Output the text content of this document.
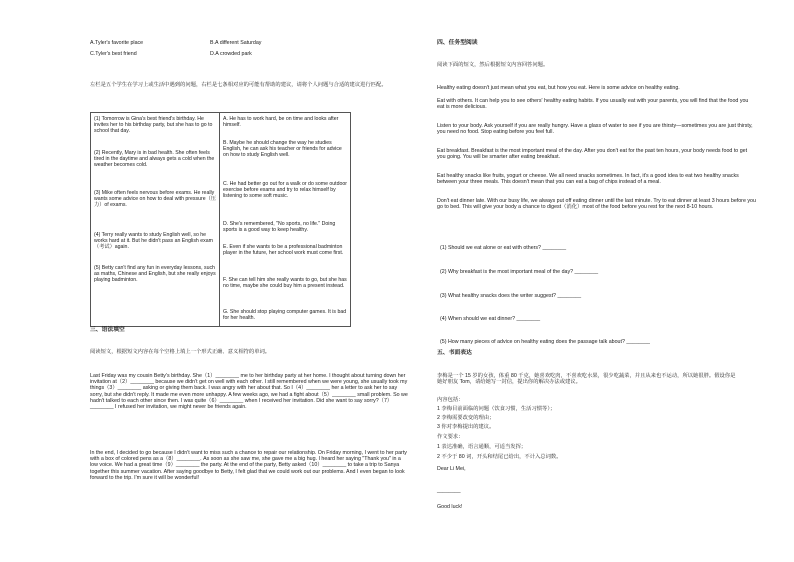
A.Tyler's favorite place	B.A different Saturday
C.Tyler's best friend	D.A crowded park
左栏是五个学生在学习上或生活中遇到的问题，右栏是七条相对应的可能有帮助的建议，请将个人问题与合适的建议进行匹配。
(1) Tomorrow is Gina's best friend's birthday. He invites her to his birthday party, but she has to go to school that day.
(2) Recently, Mary is in bad health. She often feels tired in the daytime and always gets a cold when the weather becomes cold.
(3) Mike often feels nervous before exams. He really wants some advice on how to deal with pressure（压力）of exams.
(4) Terry really wants to study English well, so he works hard at it. But he didn't pass an English exam（考试）again.
(5) Betty can't find any fun in everyday lessons, such as maths, Chinese and English, but she really enjoys playing badminton.
A. He has to work hard, be on time and looks after himself.
B. Maybe he should change the way he studies English, he can ask his teacher or friends for advice on how to study English well.
C. He had better go out for a walk or do some outdoor exercise before exams and try to relax himself by listening to some soft music.
D. She's remembered, "No sports, no life." Doing sports is a good way to keep healthy.
E. Even if she wants to be a professional badminton player in the future, her school work must come first.
F. She can tell him she really wants to go, but she has no time, maybe she could buy him a present instead.
G. She should stop playing computer games. It is bad for her health.
三、语法填空
阅读短文，根据短文内容在每个空格上填上一个形式正确、意义相符的单词。
Last Friday was my cousin Betty's birthday. She（1）________ me to her birthday party at her home. I thought about turning down her invitation at（2）________ because we didn't get on well with each other. I still remembered when we were young, she usually took my things（3）________ asking or giving them back. I was angry with her about that. So I（4）________ her a letter to ask her to say sorry, but she didn't reply. It made me even more unhappy. A few weeks ago, we had a fight about（5）________ small problem. So we hadn't talked to each other since then. I was quite（6）________ when I received her invitation. Did she want to say sorry?（7）________ I refused her invitation, we might never be friends again.
In the end, I decided to go because I didn't want to miss such a chance to repair our relationship. On Friday morning, I went to her party with a box of colored pens as a（8）________. As soon as she saw me, she gave me a big hug. I heard her saying "Thank you" in a low voice. We had a great time（9）________ the party. At the end of the party, Betty asked（10）________ to take a trip to Sanya together this summer vacation. After saying goodbye to Betty, I felt glad that we could work out our problems. And I even began to look forward to the trip. I'm sure it will be wonderful!
四、任务型阅读
阅读下面的短文，然后根据短文内容回答问题。
Healthy eating doesn't just mean what you eat, but how you eat. Here is some advice on healthy eating.
Eat with others. It can help you to see others' healthy eating habits. If you usually eat with your parents, you will find that the food you eat is more delicious.
Listen to your body. Ask yourself if you are really hungry. Have a glass of water to see if you are thirsty—sometimes you are just thirsty, you need no food. Stop eating before you feel full.
Eat breakfast. Breakfast is the most important meal of the day. After you don't eat for the past ten hours, your body needs food to get you going. You will be smarter after eating breakfast.
Eat healthy snacks like fruits, yogurt or cheese. We all need snacks sometimes. In fact, it's a good idea to eat two healthy snacks between your three meals. This doesn't mean that you can eat a bag of chips instead of a meal.
Don't eat dinner late. With our busy life, we always put off eating dinner until the last minute. Try to eat dinner at least 3 hours before you go to bed. This will give your body a chance to digest（消化）most of the food before you rest for the next 8-10 hours.
(1) Should we eat alone or eat with others? ________
(2) Why breakfast is the most important meal of the day? ________
(3) What healthy snacks does the writer suggest? ________
(4) When should we eat dinner? ________
(5) How many pieces of advice on healthy eating does the passage talk about? ________
五、书面表达
李梅是一个 15 岁的女孩，体重 80 千克，她喜欢吃肉，不喜欢吃水果，很少吃蔬菜，并且从来也不运动，所以她很胖。假设你是她好朋友 Tom，请给她写一封信，提出你的解决办法或建议。
内容包括：
1 李梅目前面临的问题（饮食习惯，生活习惯等）；
2 李梅需要改变的理由；
3 你对李梅提出的建议。
作文要求：
1 表达准确，语言通顺，可适当发挥；
2 不少于 80 词，开头和结尾已给出，不计入总词数。
Dear Li Mei,
________
Good luck!
